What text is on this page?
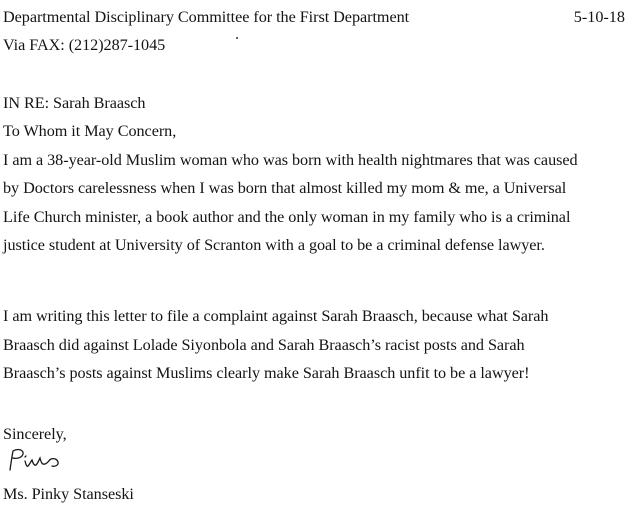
Departmental Disciplinary Committee for the First Department	5-10-18
Via FAX: (212)287-1045
IN RE: Sarah Braasch
To Whom it May Concern,
I am a 38-year-old Muslim woman who was born with health nightmares that was caused
by Doctors carelessness when I was born that almost killed my mom & me, a Universal
Life Church minister, a book author and the only woman in my family who is a criminal
justice student at University of Scranton with a goal to be a criminal defense lawyer.
I am writing this letter to file a complaint against Sarah Braasch, because what Sarah
Braasch did against Lolade Siyonbola and Sarah Braasch’s racist posts and Sarah
Braasch’s posts against Muslims clearly make Sarah Braasch unfit to be a lawyer!
Sincerely,
Ms. Pinky Stanseski
